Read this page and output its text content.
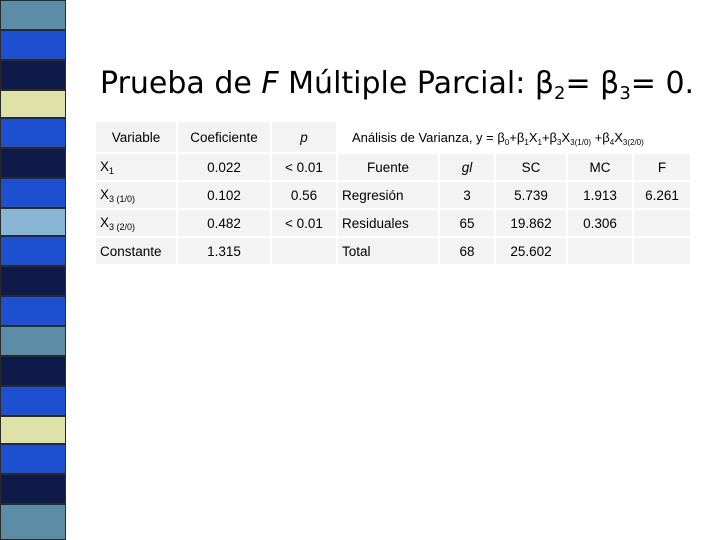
Prueba de F Múltiple Parcial: $\beta_2= \beta_3= 0$.
Variable	Coeficiente	p
$X_1$	0.022	< 0.01
$X_{3 (1/0)}$	0.102	0.56
$X_{3 (2/0)}$	0.482	< 0.01
Constante	1.315	
Análisis de Varianza, $y = \beta_0+\beta_1X_1+\beta_3X_{3(1/0)} +\beta_4X_{3(2/0)}$
Fuente	gl	SC	MC	F
Regresión	3	5.739	1.913	6.261
Residuales	65	19.862	0.306	
Total	68	25.602		
